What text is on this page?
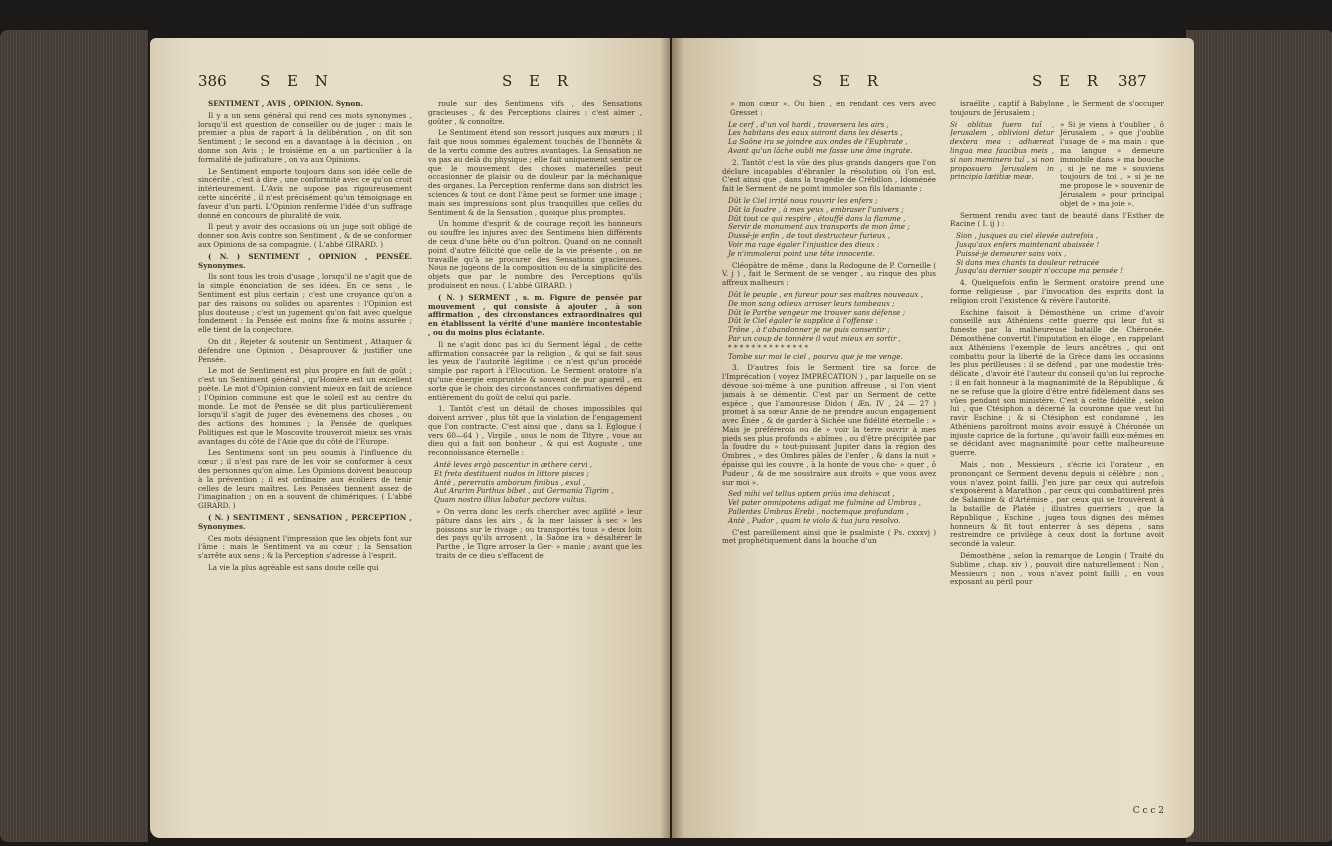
386 S E N	S E R

SENTIMENT , AVIS , OPINION. Synon.

Il y a un sens général qui rend ces mots synonymes , lorsqu'il est question de conseiller ou de juger : mais le premier a plus de raport à la délibération , on dit son Sentiment ; le second en a davantage à la décision , on donne son Avis ; le troisième en a un particulier à la formalité de judicature , on va aux Opinions.

Le Sentiment emporte toujours dans son idée celle de sincérité , c'est à dire , une conformité avec ce qu'on croit intérieurement. L'Avis ne supose pas rigoureusement cette sincérité , il n'est précisément qu'un témoignage en faveur d'un parti. L'Opinion renferme l'idée d'un suffrage donné en concours de pluralité de voix.

Il peut y avoir des occasions où un juge soit obligé de donner son Avis contre son Sentiment , & de se conformer aux Opinions de sa compagnie. ( L'abbé GIRARD. )

( N. ) SENTIMENT , OPINION , PENSÉE. Synonymes.

Ils sont tous les trois d'usage , lorsqu'il ne s'agit que de la simple énonciation de ses idées. En ce sens , le Sentiment est plus certain ; c'est une croyance qu'on a par des raisons ou solides ou aparentes : l'Opinion est plus douteuse ; c'est un jugement qu'on fait avec quelque fondement : la Pensée est moins fixe & moins assurée ; elle tient de la conjecture.

On dit , Rejeter & soutenir un Sentiment , Attaquer & défendre une Opinion , Désaprouver & justifier une Pensée.

Le mot de Sentiment est plus propre en fait de goût ; c'est un Sentiment général , qu'Homère est un excellent poète. Le mot d'Opinion convient mieux en fait de science ; l'Opinion commune est que le soleil est au centre du monde. Le mot de Pensée se dit plus particulièrement lorsqu'il s'agit de juger des évènemens des choses , ou des actions des hommes ; la Pensée de quelques Politiques est que le Moscovite trouveroit mieux ses vrais avantages du côté de l'Asie que du côté de l'Europe.

Les Sentimens sont un peu soumis à l'influence du cœur ; il n'est pas rare de les voir se conformer à ceux des personnes qu'on aime. Les Opinions doivent beaucoup à la prévention ; il est ordinaire aux écoliers de tenir celles de leurs maîtres. Les Pensées tiennent assez de l'imagination ; on en a souvent de chimériques. ( L'abbé GIRARD. )

( N. ) SENTIMENT , SENSATION , PERCEPTION , Synonymes.

Ces mots désignent l'impression que les objets font sur l'âme : mais le Sentiment va au cœur ; la Sensation s'arrête aux sens ; & la Perception s'adresse à l'esprit.

La vie la plus agréable est sans doute celle qui

roule sur des Sentimens vifs , des Sensations gracieuses , & des Perceptions claires : c'est aimer , goûter , & connoître.

Le Sentiment étend son ressort jusques aux mœurs ; il fait que nous sommes également touchés de l'honnête & de la vertu comme des autres avantages. La Sensation ne va pas au delà du physique ; elle fait uniquement sentir ce que le mouvement des choses matérielles peut occasionner de plaisir ou de douleur par la méchanique des organes. La Perception renferme dans son district les sciences & tout ce dont l'âme peut se former une image ; mais ses impressions sont plus tranquilles que celles du Sentiment & de la Sensation , quoique plus promptes.

Un homme d'esprit & de courage reçoit les honneurs ou souffre les injures avec des Sentimens bien différents de ceux d'une bête ou d'un poltron. Quand on ne connoît point d'autre félicité que celle de la vie présente , on ne travaille qu'à se procurer des Sensations gracieuses. Nous ne jugeons de la composition ou de la simplicité des objets que par le nombre des Perceptions qu'ils produisent en nous. ( L'abbé GIRARD. )

( N. ) SERMENT , s. m. Figure de pensée par mouvement , qui consiste à ajouter , à son affirmation , des circonstances extraordinaires qui en établissent la vérité d'une manière incontestable , ou du moins plus éclatante.

Il ne s'agit donc pas ici du Serment légal , de cette affirmation consacrée par la religion , & qui se fait sous les yeux de l'autorité légitime : ce n'est qu'un procédé simple par raport à l'Élocution. Le Serment oratoire n'a qu'une énergie empruntée & souvent de pur apareil , en sorte que le choix des circonstances confirmatives dépend entièrement du goût de celui qui parle.

1. Tantôt c'est un détail de choses impossibles qui doivent arriver , plus tôt que la violation de l'engagement que l'on contracte. C'est ainsi que , dans sa I. Eglogue ( vers 60—64 ) , Virgile , sous le nom de Tityre , voue au dieu qui a fait son bonheur , & qui est Auguste , une reconnoissance éternelle :

Antè leves ergò pascentur in æthere cervi ,
Et freta destituent nudos in littore pisces ;
Antè , pererratis amborum finibus , exul ,
Aut Ararim Parthus bibet , aut Germania Tigrim ,
Quam nostro illius labatur pectore vultus.

» On verra donc les cerfs chercher avec agilité » leur pâture dans les airs , & la mer laisser à sec » les poissons sur le rivage ; ou transportés tous » deux loin des pays qu'ils arrosent , la Saône ira » désaltérer le Parthe , le Tigre arroser la Ger- » manie ; avant que les traits de ce dieu s'effacent de

S E R	S E R 387

» mon cœur ». Ou bien , en rendant ces vers avec Gresset :

Le cerf , d'un vol hardi , traversera les airs ,
Les habitans des eaux suiront dans les déserts ,
La Saône ira se joindre aux ondes de l'Euphrate ,
Avant qu'un lâche oubli me fasse une âme ingrate.

2. Tantôt c'est la vûe des plus grands dangers que l'on déclare incapables d'ébranler la résolution où l'on est. C'est ainsi que , dans la tragédie de Crébillon , Idoménée fait le Serment de ne point immoler son fils Idamante :

Dût le Ciel irrité nous rouvrir les enfers ;
Dût la foudre , à mes yeux , embraser l'univers ;
Dût tout ce qui respire , étouffé dans la flamme ,
Servir de monument aux transports de mon âme ;
Dussé-je enfin , de tout destructeur furieux ,
Voir ma rage égaler l'injustice des dieux :
Je n'immolerai point une tête innocente.

Cléopâtre de même , dans la Rodogune de P. Corneille ( V. j ) , fait le Serment de se venger , au risque des plus affreux malheurs :

Dût le peuple , en fureur pour ses maîtres nouveaux ,
De mon sang odieux arroser leurs tombeaux ;
Dût le Parthe vengeur me trouver sans défense ;
Dût le Ciel égaler le supplice à l'offense :
Trône , à t'abandonner je ne puis consentir ;
Par un coup de tonnère il vaut mieux en sortir ,
* * * * * * * * * * * * * *
Tombe sur moi le ciel , pourvu que je me venge.

3. D'autres fois le Serment tire sa force de l'Imprécation ( voyez IMPRÉCATION ) , par laquelle on se dévoue soi-même à une punition affreuse , si l'on vient jamais à se démentir. C'est par un Serment de cette espèce , que l'amoureuse Didon ( Æn. IV , 24 — 27 ) promet à sa sœur Anne de ne prendre aucun engagement avec Énée , & de garder à Sichée une fidélité éternelle : » Mais je préférerois ou de » voir la terre ouvrir à mes pieds ses plus profonds » abîmes , ou d'être précipitée par la foudre du » tout-puissant Jupiter dans la région des Ombres , » des Ombres pâles de l'enfer , & dans la nuit » épaisse qui les couvre , à la honte de vous cho- » quer , ô Pudeur , & de me soustraire aux droits » que vous avez sur moi ».

Sed mihi vel tellus optem priùs ima dehiscat ,
Vel pater omnipotens adigat me fulmine ad Umbras ,
Pallentes Umbras Erebi , noctemque profundam ,
Antè , Pudor , quam te violo & tua jura resolvo.

C'est pareillement ainsi que le psalmiste ( Ps. cxxxvj ) met prophétiquement dans la bouche d'un

israélite , captif à Babylone , le Serment de s'occuper toujours de Jérusalem ;

Si oblitus fuero tuî , Jerusalem , oblivioni detur dextera mea : adhæreat lingua mea faucibus meis , si non meminero tuî , si non proposuero Jerusalem in principio lætitiæ meæ.
» Si je viens à t'oublier , ô Jérusalem , » que j'oublie l'usage de » ma main : que ma langue » demeure immobile dans » ma bouche , si je ne me » souviens toujours de toi , » si je ne me propose le » souvenir de Jérusalem » pour principal objet de » ma joie ».

Serment rendu avec tant de beauté dans l'Esther de Racine ( I. ij ) :

Sion , jusques au ciel élevée autrefois ,
Jusqu'aux enfers maintenant abaissée !
Puissé-je demeurer sans voix ,
Si dans mes chants ta douleur retracée
Jusqu'au dernier soupir n'occupe ma pensée !

4. Quelquefois enfin le Serment oratoire prend une forme religieuse , par l'invocation des esprits dont la religion croit l'existence & révère l'autorité.

Eschine faisoit à Démosthène un crime d'avoir conseillé aux Athéniens cette guerre qui leur fut si funeste par la malheureuse bataille de Chéronée. Démosthène convertit l'imputation en éloge , en rappelant aux Athéniens l'exemple de leurs ancêtres , qui ont combattu pour la liberté de la Grèce dans les occasions les plus périlleuses : il se défend , par une modestie très-délicate , d'avoir été l'auteur du conseil qu'on lui reproche ; il en fait honneur à la magnanimité de la République , & ne se refuse que la gloire d'être entré fidèlement dans ses vûes pendant son ministère. C'est à cette fidélité , selon lui , que Ctésiphon a décerné la couronne que veut lui ravir Eschine ; & si Ctésiphon est condamné , les Athéniens paroîtront moins avoir essuyé à Chéronée un injuste caprice de la fortune , qu'avoir failli eux-mêmes en se décidant avec magnanimité pour cette malheureuse guerre.

Mais , non , Messieurs , s'écrie ici l'orateur , en prononçant ce Serment devenu depuis si célèbre ; non , vous n'avez point failli. J'en jure par ceux qui autrefois s'exposèrent à Marathon , par ceux qui combattirent près de Salamine & d'Artémise , par ceux qui se trouvèrent à la bataille de Platée ; illustres guerriers , que la République , Eschine , jugea tous dignes des mêmes honneurs & fit tout enterrer à ses dépens , sans restreindre ce privilège à ceux dont la fortune avoit secondé la valeur.

Démosthène , selon la remarque de Longin ( Traité du Sublime , chap. xiv ) , pouvoit dire naturellement : Non , Messieurs ; non , vous n'avez point failli , en vous exposant au péril pour

C c c 2
